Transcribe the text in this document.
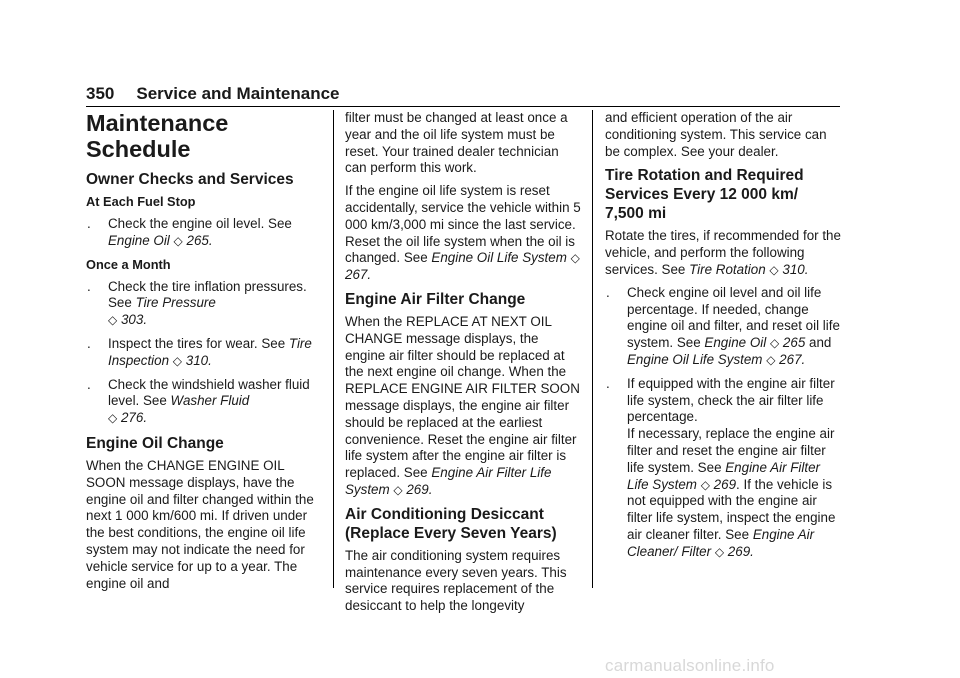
350 Service and Maintenance
Maintenance Schedule
Owner Checks and Services
At Each Fuel Stop
. Check the engine oil level. See Engine Oil ◇ 265.
Once a Month
. Check the tire inflation pressures. See Tire Pressure
◇ 303.
. Inspect the tires for wear. See Tire Inspection ◇ 310.
. Check the windshield washer fluid level. See Washer Fluid
◇ 276.
Engine Oil Change

When the CHANGE ENGINE OIL SOON message displays, have the engine oil and filter changed within the next 1 000 km/600 mi. If driven under the best conditions, the engine oil life system may not indicate the need for vehicle service for up to a year. The engine oil and

filter must be changed at least once a year and the oil life system must be reset. Your trained dealer technician can perform this work.

If the engine oil life system is reset accidentally, service the vehicle within 5 000 km/3,000 mi since the last service. Reset the oil life system when the oil is changed. See Engine Oil Life System ◇ 267.

Engine Air Filter Change

When the REPLACE AT NEXT OIL CHANGE message displays, the engine air filter should be replaced at the next engine oil change. When the REPLACE ENGINE AIR FILTER SOON message displays, the engine air filter should be replaced at the earliest convenience. Reset the engine air filter life system after the engine air filter is replaced. See Engine Air Filter Life System ◇ 269.

Air Conditioning Desiccant (Replace Every Seven Years)

The air conditioning system requires maintenance every seven years. This service requires replacement of the desiccant to help the longevity

and efficient operation of the air conditioning system. This service can be complex. See your dealer.

Tire Rotation and Required Services Every 12 000 km/ 7,500 mi

Rotate the tires, if recommended for the vehicle, and perform the following services. See Tire Rotation ◇ 310.

. Check engine oil level and oil life percentage. If needed, change engine oil and filter, and reset oil life system. See Engine Oil ◇ 265 and
Engine Oil Life System ◇ 267.
. If equipped with the engine air filter life system, check the air filter life percentage.
If necessary, replace the engine air filter and reset the engine air filter life system. See Engine Air Filter Life System ◇ 269. If the vehicle is not equipped with the engine air filter life system, inspect the engine air cleaner filter. See Engine Air Cleaner/ Filter ◇ 269.
carmanualsonline.info
